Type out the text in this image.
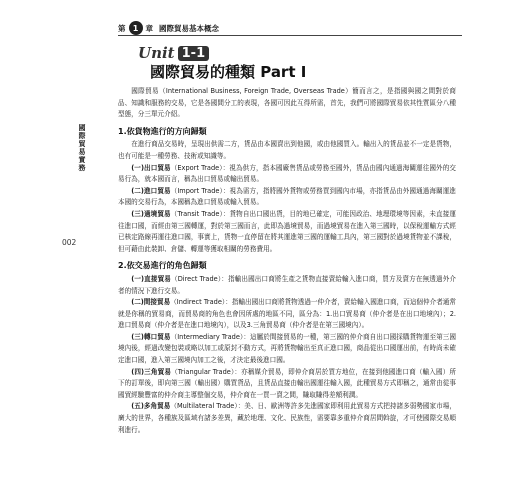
第 1 章 國際貿易基本概念
國際貿易實務
002
Unit 1-1
國際貿易的種類 Part I

國際貿易（International Business, Foreign Trade, Overseas Trade）簡而言之，是指國與國之間對於商品、知識和服務的交易，它是各國間分工的表現，各國可因此互得所需，首先，我們可將國際貿易依其性質區分八種型態，分三單元介紹。

1.依貨物進行的方向歸類

在進行商品交易時，呈現出供需二方，貨品由本國賣出到他國，或由他國買入。輸出入的貨品並不一定是貨物，也有可能是一種勞務、技術或知識等。

(一)出口貿易（Export Trade）：視為供方，指本國廠售貨品或勞務至國外，貨品由國內通過海關運往國外的交易行為，就本國而言，稱為出口貿易或輸出貿易。

(二)進口貿易（Import Trade）：視為需方，指將國外貨物或勞務買到國內市場，亦指貨品由外國通過海關運進本國的交易行為，本國稱為進口貿易或輸入貿易。

(三)過境貿易（Transit Trade）：貨物自出口國出貨，目的地已確定，可能因政治、地理環境等因素，未直接運往進口國，而經由第三國轉運，對於第三國而言，此即為過境貿易，而過境貿易在進入第三國時，以保稅運輸方式經已核定路線再運往進口國，事實上，貨物一直停留在將其運進第三國的運輸工具內，第三國對於過境貨物並不課稅，但可藉由此裝卸、倉儲、轉運等獲取相關的勞務費用。

2.依交易進行的角色歸類

(一)直接貿易（Direct Trade）：指輸出國出口商將生產之貨物直接賣給輸入進口商，買方及賣方在無透過外介者的情況下進行交易。

(二)間接貿易（Indirect Trade）：指輸出國出口商將貨物透過一仲介者，賣給輸入國進口商，而這個仲介者通常就是你稱的貿易商，而貿易商的角色也會因所處的地區不同，區分為：1.出口貿易商（仲介者是在出口地境內）；2.進口貿易商（仲介者是在進口地境內），以及3.三角貿易商（仲介者是在第三國境內）。

(三)轉口貿易（Intermediary Trade）：這屬於間接貿易的一種，第三國的仲介商自出口國採購貨物運至第三國境內後，經過改變包裝或略以加工或原封不動方式，再將貨物輸出至真正進口國，商品從出口國運出前，有時尚未確定進口國，進入第三國境內加工之後，才決定最後進口國。

(四)三角貿易（Triangular Trade）：亦稱媒介貿易，即仲介商居於買方地位，在接到他國進口商（輸入國）所下的訂單後，即向第三國（輸出國）購買貨品，且貨品直接由輸出國運往輸入國，此種貿易方式即稱之，通常由從事國貿經驗豐富的仲介商主導整個交易，仲介商在一買一賣之間，賺取賺得差額利潤。

(五)多角貿易（Multilateral Trade）：美、日、歐洲等許多先進國家即利用此貿易方式把持諸多弱勢國家市場，廣大的世界，各種族及區域有諸多差異，藏於地理、文化、民族性，需要靠多重仲介商居間斡旋，才可使國際交易順利進行。
